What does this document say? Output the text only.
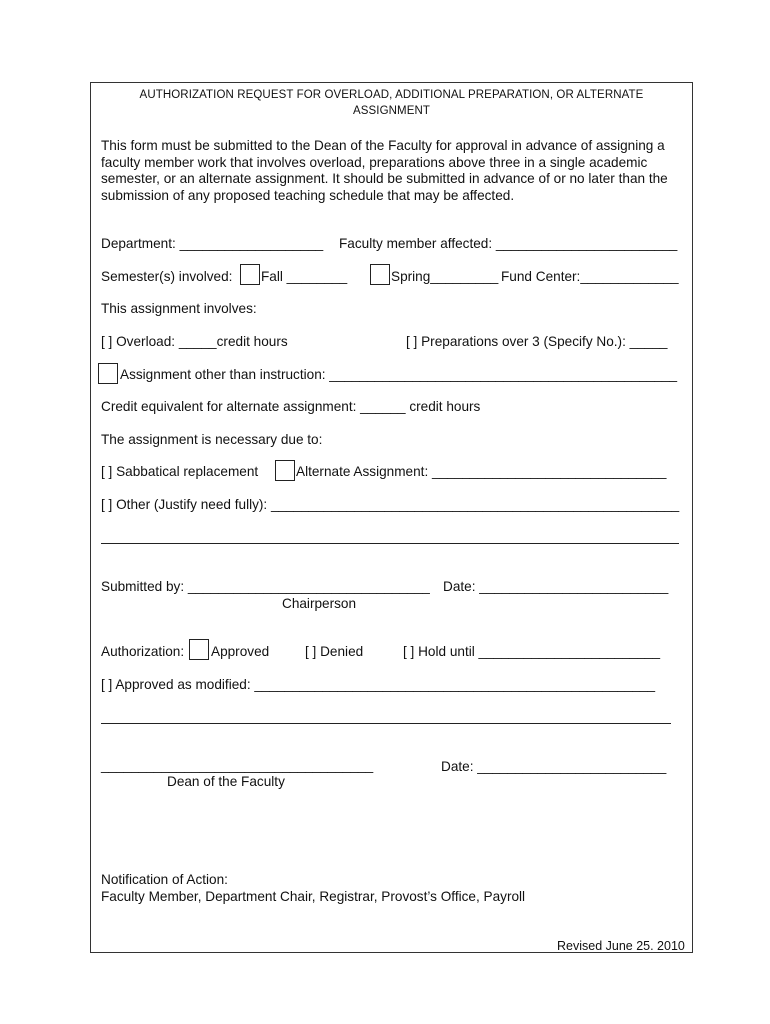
AUTHORIZATION REQUEST FOR OVERLOAD, ADDITIONAL PREPARATION, OR ALTERNATE
ASSIGNMENT
This form must be submitted to the Dean of the Faculty for approval in advance of assigning a faculty member work that involves overload, preparations above three in a single academic semester, or an alternate assignment. It should be submitted in advance of or no later than the submission of any proposed teaching schedule that may be affected.
Department: ___________________ Faculty member affected: ________________________
Semester(s) involved: Fall ________	Spring_________ Fund Center:_____________
This assignment involves:
[ ] Overload: _____credit hours	[ ] Preparations over 3 (Specify No.): _____
Assignment other than instruction: ______________________________________________
Credit equivalent for alternate assignment: ______ credit hours
The assignment is necessary due to:
[ ] Sabbatical replacement	Alternate Assignment: _______________________________
[ ] Other (Justify need fully): ______________________________________________________
Submitted by: ________________________________ Date: _________________________
Chairperson
Authorization: Approved	[ ] Denied	[ ] Hold until ________________________
[ ] Approved as modified: _____________________________________________________
____________________________________	Date: _________________________
Dean of the Faculty
Notification of Action:
Faculty Member, Department Chair, Registrar, Provost’s Office, Payroll
Revised June 25. 2010
